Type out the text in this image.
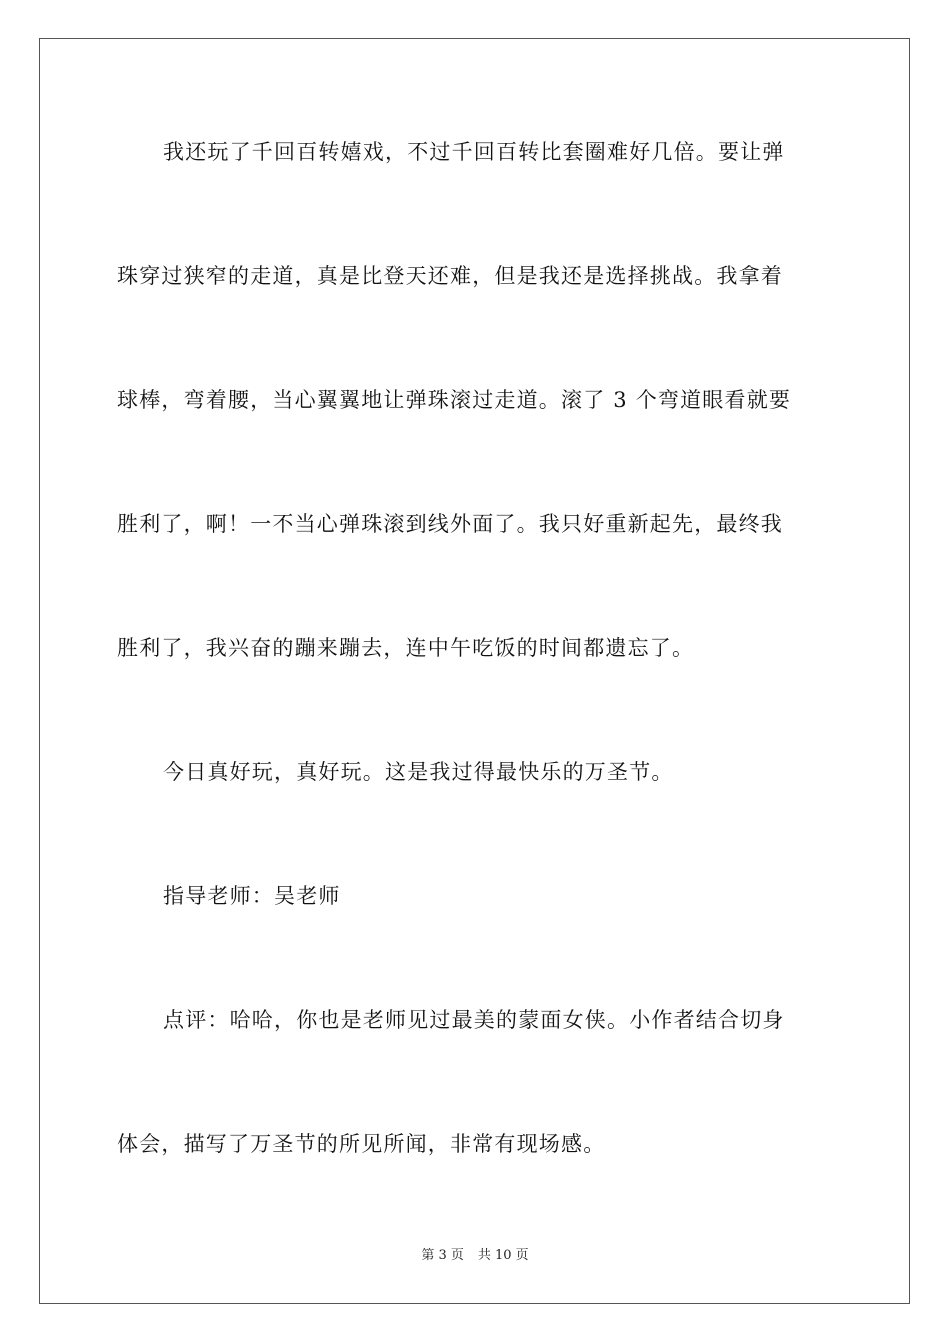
我还玩了千回百转嬉戏，不过千回百转比套圈难好几倍。要让弹
珠穿过狭窄的走道，真是比登天还难，但是我还是选择挑战。我拿着
球棒，弯着腰，当心翼翼地让弹珠滚过走道。滚了 3 个弯道眼看就要
胜利了，啊！一不当心弹珠滚到线外面了。我只好重新起先，最终我
胜利了，我兴奋的蹦来蹦去，连中午吃饭的时间都遗忘了。
今日真好玩，真好玩。这是我过得最快乐的万圣节。
指导老师：吴老师
点评：哈哈，你也是老师见过最美的蒙面女侠。小作者结合切身
体会，描写了万圣节的所见所闻，非常有现场感。
第 3 页 共 10 页
